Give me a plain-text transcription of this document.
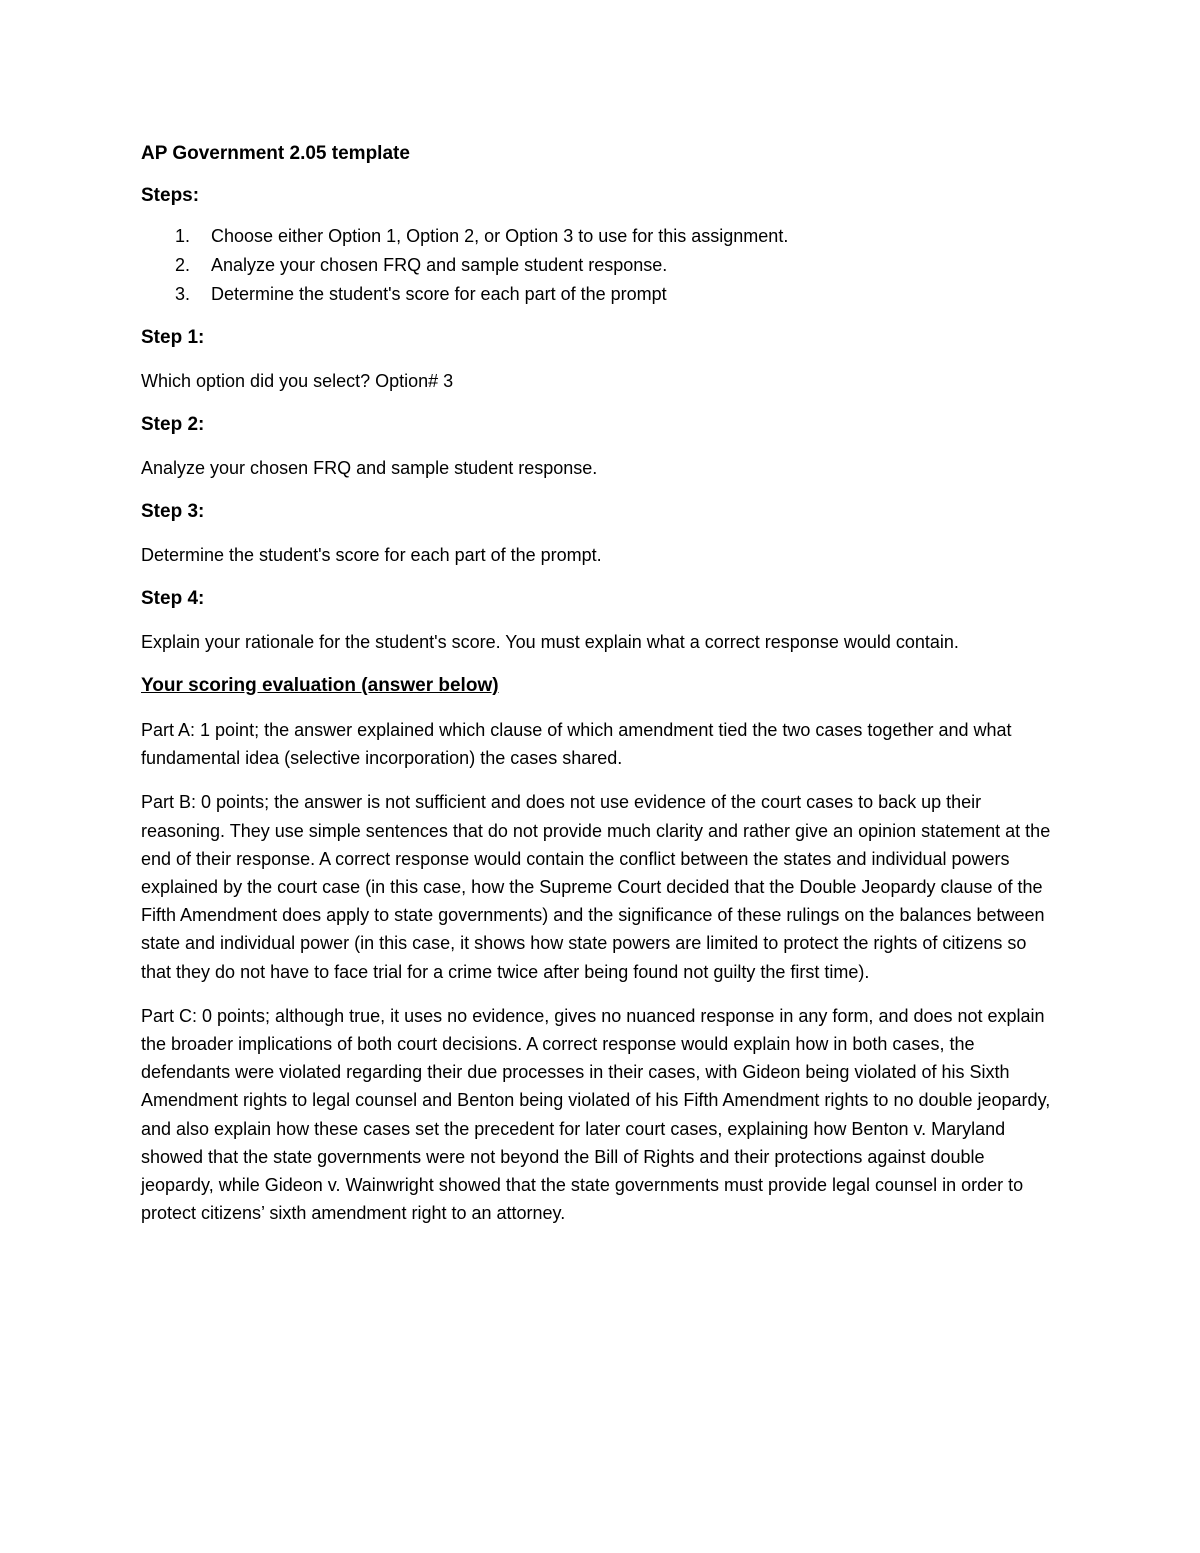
AP Government 2.05 template
Steps:
1. Choose either Option 1, Option 2, or Option 3 to use for this assignment.
2. Analyze your chosen FRQ and sample student response.
3. Determine the student's score for each part of the prompt
Step 1:

Which option did you select? Option# 3

Step 2:

Analyze your chosen FRQ and sample student response.

Step 3:

Determine the student's score for each part of the prompt.

Step 4:

Explain your rationale for the student's score. You must explain what a correct response would contain.

Your scoring evaluation (answer below)

Part A: 1 point; the answer explained which clause of which amendment tied the two cases together and what fundamental idea (selective incorporation) the cases shared.

Part B: 0 points; the answer is not sufficient and does not use evidence of the court cases to back up their reasoning. They use simple sentences that do not provide much clarity and rather give an opinion statement at the end of their response. A correct response would contain the conflict between the states and individual powers explained by the court case (in this case, how the Supreme Court decided that the Double Jeopardy clause of the Fifth Amendment does apply to state governments) and the significance of these rulings on the balances between state and individual power (in this case, it shows how state powers are limited to protect the rights of citizens so that they do not have to face trial for a crime twice after being found not guilty the first time).

Part C: 0 points; although true, it uses no evidence, gives no nuanced response in any form, and does not explain the broader implications of both court decisions. A correct response would explain how in both cases, the defendants were violated regarding their due processes in their cases, with Gideon being violated of his Sixth Amendment rights to legal counsel and Benton being violated of his Fifth Amendment rights to no double jeopardy, and also explain how these cases set the precedent for later court cases, explaining how Benton v. Maryland showed that the state governments were not beyond the Bill of Rights and their protections against double jeopardy, while Gideon v. Wainwright showed that the state governments must provide legal counsel in order to protect citizens’ sixth amendment right to an attorney.
